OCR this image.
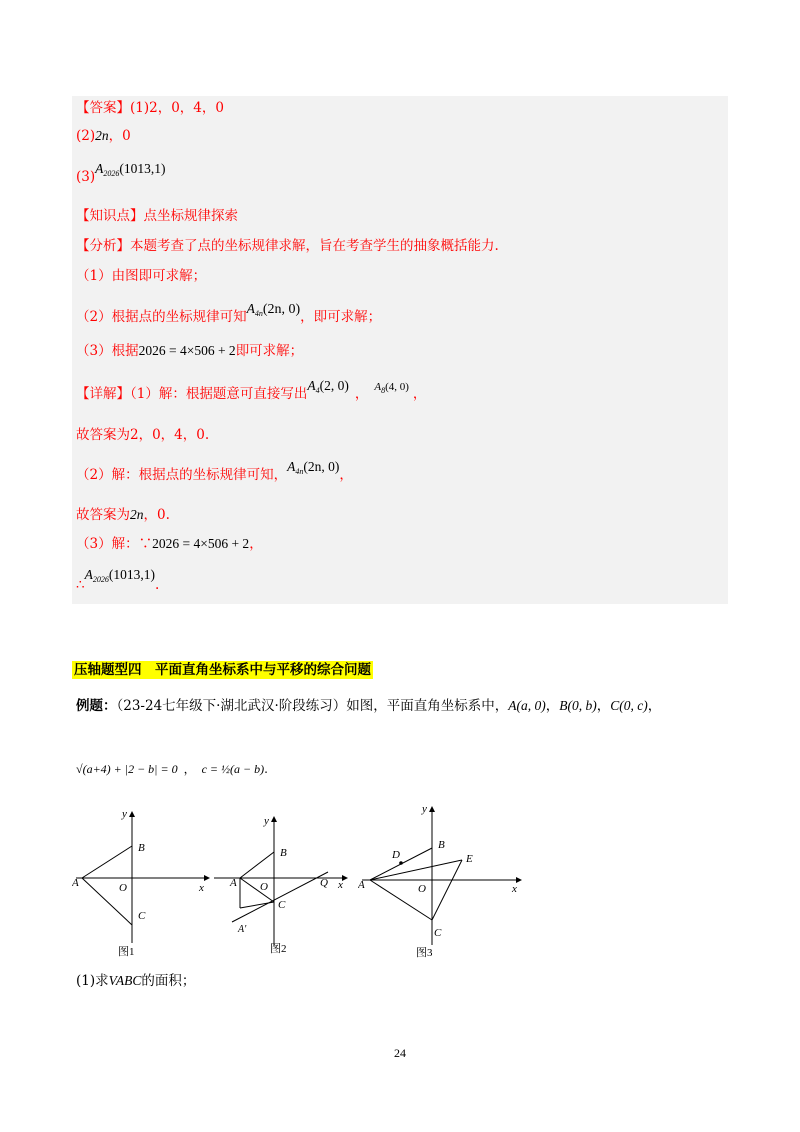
【答案】(1)2，0，4，0
(2)2n，0
$(3)A_{2026}(1013,1)$
【知识点】点坐标规律探索
【分析】本题考查了点的坐标规律求解，旨在考查学生的抽象概括能力.
（1）由图即可求解；
（2）根据点的坐标规律可知$A_{4n}(2n$, 0)，即可求解；
（3）根据2026 = 4×506 + 2即可求解；
【详解】（1）解：根据题意可直接写出$A_4(2$, 0)， $A_8(4$, 0) ，
故答案为2，0，4，0.
（2）解：根据点的坐标规律可知，$A_{4n}(2n$, 0)，
故答案为2n，0.
（3）解：∵2026 = 4×506 + 2，
$\therefore A_{2026}(1013,1)$.
压轴题型四　平面直角坐标系中与平移的综合问题
例题：（23-24七年级下·湖北武汉·阶段练习）如图，平面直角坐标系中，A(a, 0)，B(0, b)，C(0, c)，
√(a+4) + |2 − b| = 0 ， c = ½(a − b).
y
B
A	O	x
C
图1
y
B
A O	Q x
C
A'
图2
y
D
B
E
A	O	x
C
图3
(1)求VABC的面积；
24
